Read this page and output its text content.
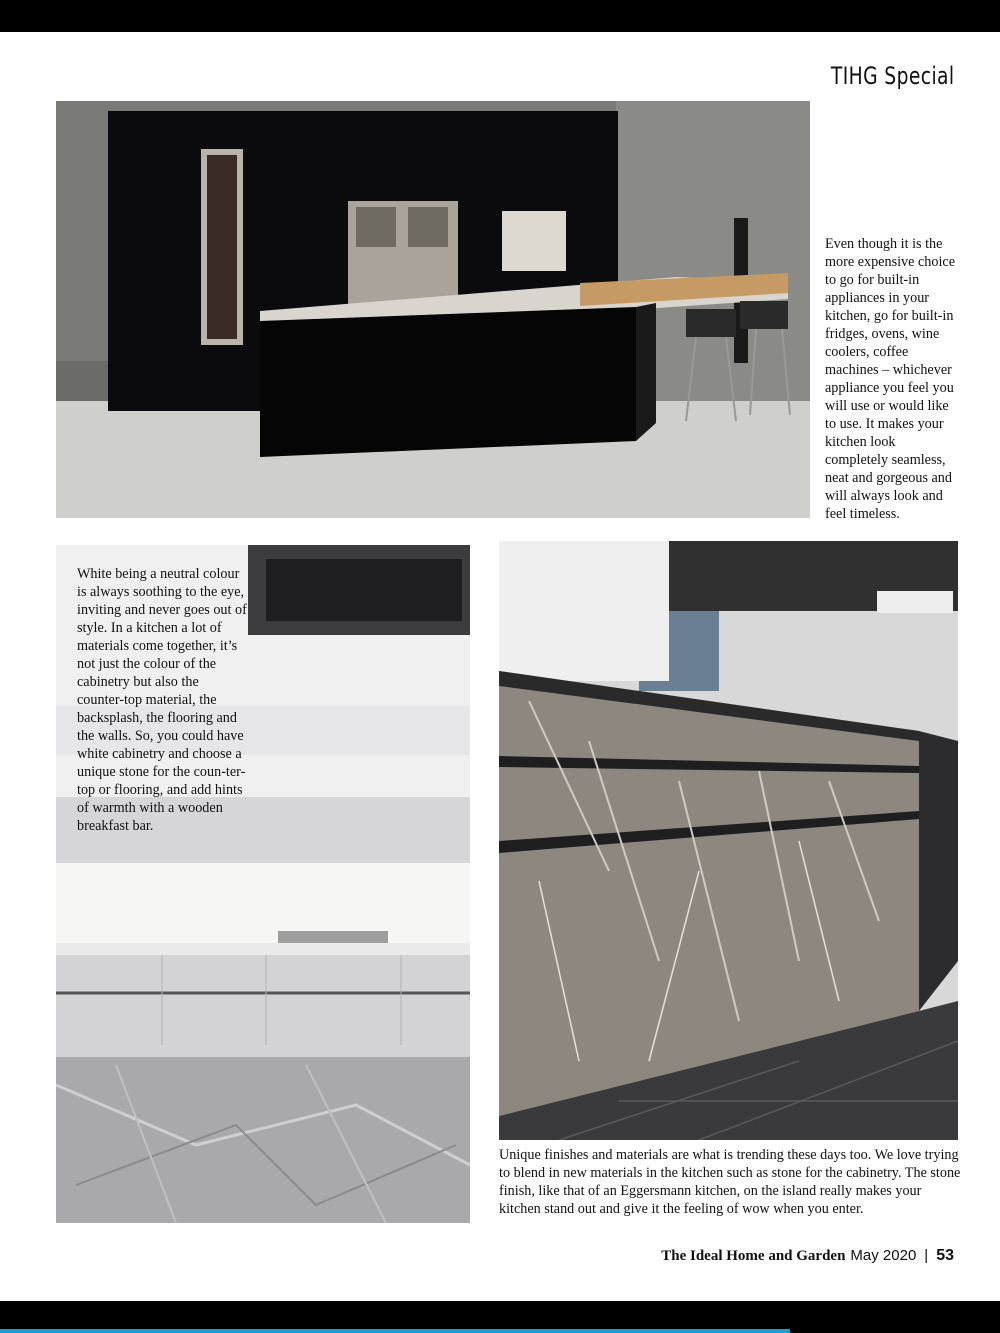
TIHG Special
Even though it is the more expensive choice to go for built-in appliances in your kitchen, go for built-in fridges, ovens, wine coolers, coffee machines – whichever appliance you feel you will use or would like to use. It makes your kitchen look completely seamless, neat and gorgeous and will always look and feel timeless.
White being a neutral colour is always soothing to the eye, inviting and never goes out of style. In a kitchen a lot of materials come together, it’s not just the colour of the cabinetry but also the counter-top material, the backsplash, the flooring and the walls. So, you could have white cabinetry and choose a unique stone for the coun-ter-top or flooring, and add hints of warmth with a wooden breakfast bar.
Unique finishes and materials are what is trending these days too. We love trying to blend in new materials in the kitchen such as stone for the cabinetry. The stone finish, like that of an Eggersmann kitchen, on the island really makes your kitchen stand out and give it the feeling of wow when you enter.
The Ideal Home and Garden May 2020 | 53
